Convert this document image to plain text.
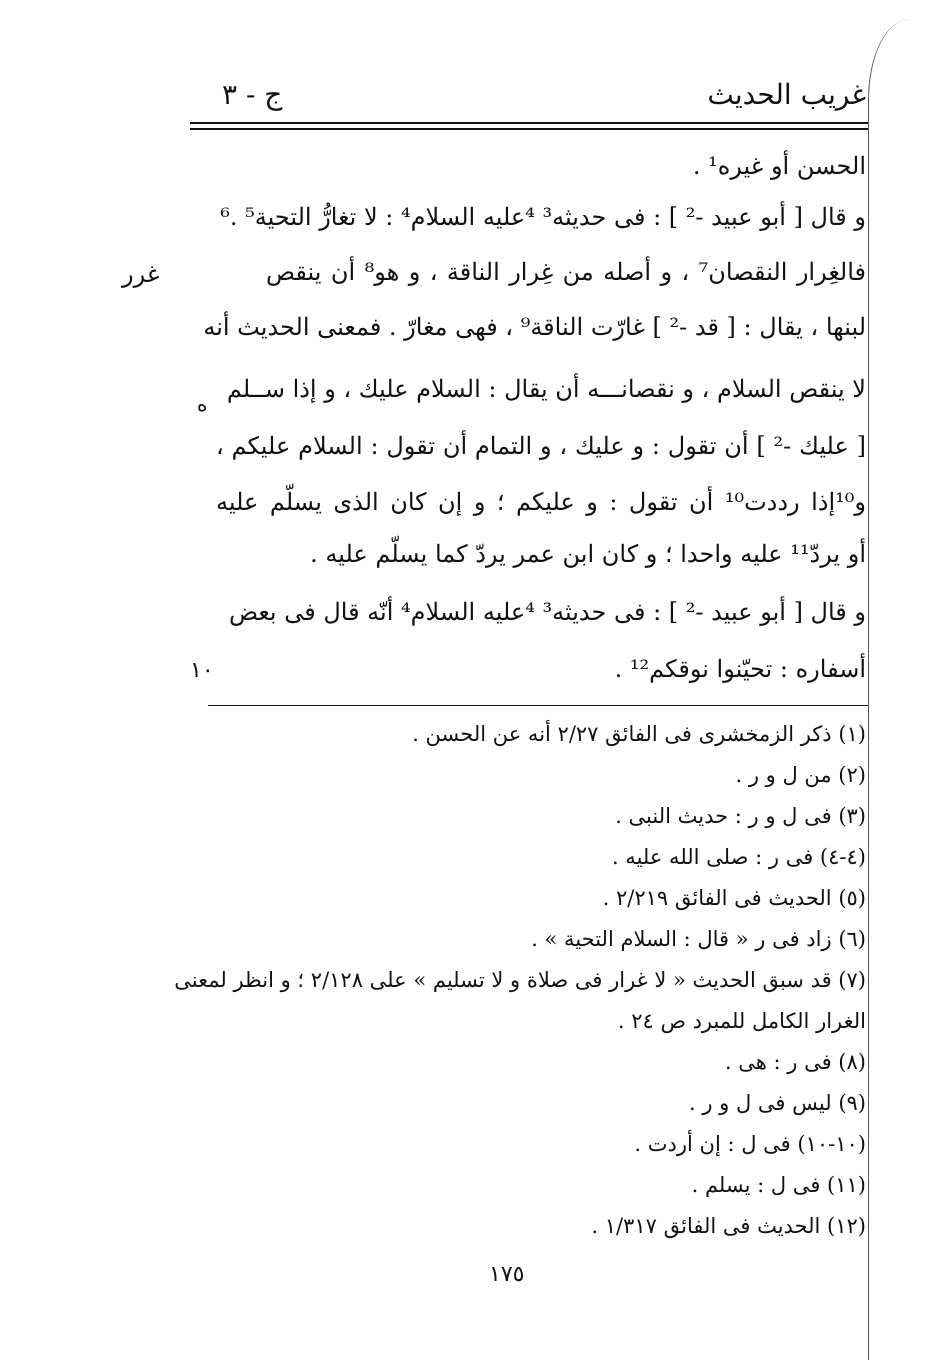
غريب الحديث
ج - ٣
غرر
ه
١٠
الحسن أو غيره¹ .
و قال [ أبو عبيد -² ] : فى حديثه³ ⁴عليه السلام⁴ : لا تغارُّ التحية⁵ .⁶
فالغِرار النقصان⁷ ، و أصله من غِرار الناقة ، و هو⁸ أن ينقص
لبنها ، يقال : [ قد -² ] غارّت الناقة⁹ ، فهى مغارّ . فمعنى الحديث أنه
لا ينقص السلام ، و نقصانـــه أن يقال : السلام عليك ، و إذا ســلم
[ عليك -² ] أن تقول : و عليك ، و التمام أن تقول : السلام عليكم ،
و¹⁰إذا رددت¹⁰ أن تقول : و عليكم ؛ و إن كان الذى يسلّم عليه
أو يردّ¹¹ عليه واحدا ؛ و كان ابن عمر يردّ كما يسلّم عليه .
و قال [ أبو عبيد -² ] : فى حديثه³ ⁴عليه السلام⁴ أنّه قال فى بعض
أسفاره : تحيّنوا نوقكم¹² .
(١) ذكر الزمخشرى فى الفائق ٢/٢٧ أنه عن الحسن .
(٢) من ل و ر .
(٣) فى ل و ر : حديث النبى .
(٤-٤) فى ر : صلى الله عليه .
(٥) الحديث فى الفائق ٢/٢١٩ .
(٦) زاد فى ر « قال : السلام التحية » .
(٧) قد سبق الحديث « لا غرار فى صلاة و لا تسليم » على ٢/١٢٨ ؛ و انظر لمعنى
الغرار الكامل للمبرد ص ٢٤ .
(٨) فى ر : هى .
(٩) ليس فى ل و ر .
(١٠-١٠) فى ل : إن أردت .
(١١) فى ل : يسلم .
(١٢) الحديث فى الفائق ١/٣١٧ .
١٧٥
